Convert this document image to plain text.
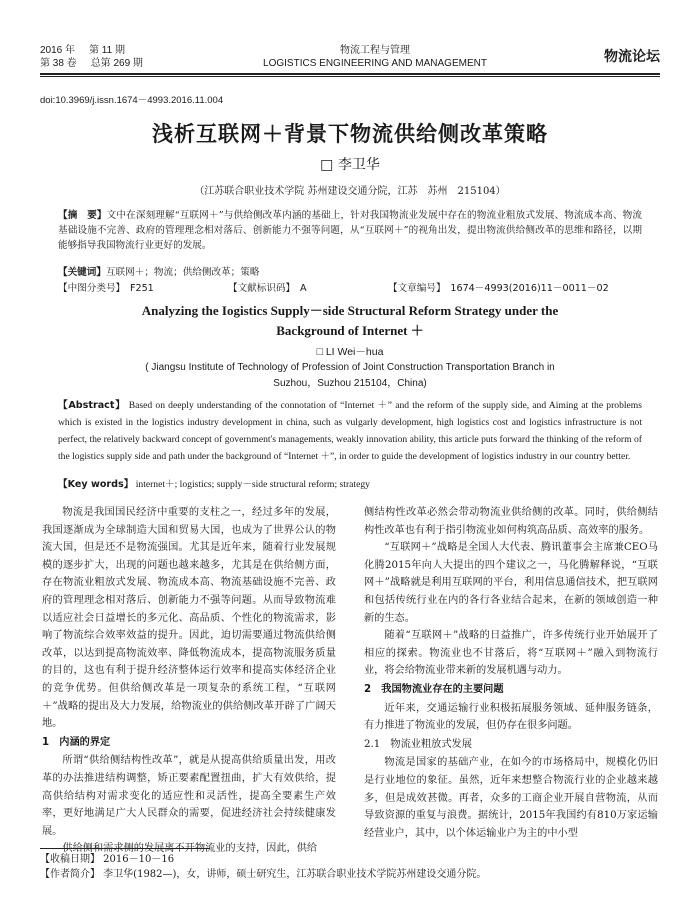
2016 年 第 11 期
第 38 卷 总第 269 期
物流工程与管理
LOGISTICS ENGINEERING AND MANAGEMENT	物流论坛
doi:10.3969/j.issn.1674－4993.2016.11.004
浅析互联网＋背景下物流供给侧改革策略
□ 李卫华
（江苏联合职业技术学院 苏州建设交通分院，江苏　苏州　215104）
【摘　要】文中在深刻理解“互联网＋”与供给侧改革内涵的基础上，针对我国物流业发展中存在的物流业粗放式发展、物流成本高、物流基础设施不完善、政府的管理理念相对落后、创新能力不强等问题，从“互联网＋”的视角出发，提出物流供给侧改革的思维和路径，以期能够指导我国物流行业更好的发展。
【关键词】互联网＋；物流；供给侧改革；策略
【中图分类号】　F251	【文献标识码】　A	【文章编号】　1674－4993(2016)11－0011－02
Analyzing the Iogistics Supply－side Structural Reform Strategy under the
Background of Internet ＋
□ LI Wei－hua
( Jiangsu Institute of Technology of Profession of Joint Construction Transportation Branch in
Suzhou，Suzhou 215104，China)
【Abstract】 Based on deeply understanding of the connotation of “Internet ＋” and the reform of the supply side, and Aiming at the problems which is existed in the logistics industry development in china, such as vulgarly development, high logistics cost and logistics infrastructure is not perfect, the relatively backward concept of government's managements, weakly innovation ability, this article puts forward the thinking of the reform of the logistics supply side and path under the background of “Internet ＋”, in order to guide the development of logistics industry in our country better.
【Key words】 internet＋; logistics; supply－side structural reform; strategy

物流是我国国民经济中重要的支柱之一，经过多年的发展，我国逐渐成为全球制造大国和贸易大国，也成为了世界公认的物流大国，但是还不是物流强国。尤其是近年来，随着行业发展规模的逐步扩大，出现的问题也越来越多，尤其是在供给侧方面，存在物流业粗放式发展、物流成本高、物流基础设施不完善、政府的管理理念相对落后、创新能力不强等问题。从而导致物流难以适应社会日益增长的多元化、高品质、个性化的物流需求，影响了物流综合效率效益的提升。因此，迫切需要通过物流供给侧改革，以达到提高物流效率、降低物流成本，提高物流服务质量的目的，这也有利于提升经济整体运行效率和提高实体经济企业的竞争优势。但供给侧改革是一项复杂的系统工程，“互联网＋”战略的提出及大力发展，给物流业的供给侧改革开辟了广阔天地。

1　内涵的界定

所谓“供给侧结构性改革”，就是从提高供给质量出发，用改革的办法推进结构调整，矫正要素配置扭曲，扩大有效供给，提高供给结构对需求变化的适应性和灵活性，提高全要素生产效率，更好地满足广大人民群众的需要，促进经济社会持续健康发展。

供给侧和需求侧的发展离不开物流业的支持，因此，供给

侧结构性改革必然会带动物流业供给侧的改革。同时，供给侧结构性改革也有利于指引物流业如何构筑高品质、高效率的服务。

“互联网＋”战略是全国人大代表、腾讯董事会主席兼CEO马化腾2015年向人大提出的四个建议之一，马化腾解释说，“互联网＋”战略就是利用互联网的平台，利用信息通信技术，把互联网和包括传统行业在内的各行各业结合起来，在新的领域创造一种新的生态。

随着“互联网＋”战略的日益推广，许多传统行业开始展开了相应的探索。物流业也不甘落后，将“互联网＋”融入到物流行业，将会给物流业带来新的发展机遇与动力。

2　我国物流业存在的主要问题

近年来，交通运输行业积极拓展服务领域、延伸服务链条，有力推进了物流业的发展，但仍存在很多问题。

2.1　物流业粗放式发展

物流是国家的基础产业，在如今的市场格局中，规模化仍旧是行业地位的象征。虽然，近年来想整合物流行业的企业越来越多，但是成效甚微。再者，众多的工商企业开展自营物流，从而导致资源的重复与浪费。据统计，2015年我国约有810万家运输经营业户，其中，以个体运输业户为主的中小型

【收稿日期】 2016－10－16
【作者简介】 李卫华(1982—)，女，讲师，硕士研究生，江苏联合职业技术学院苏州建设交通分院。
